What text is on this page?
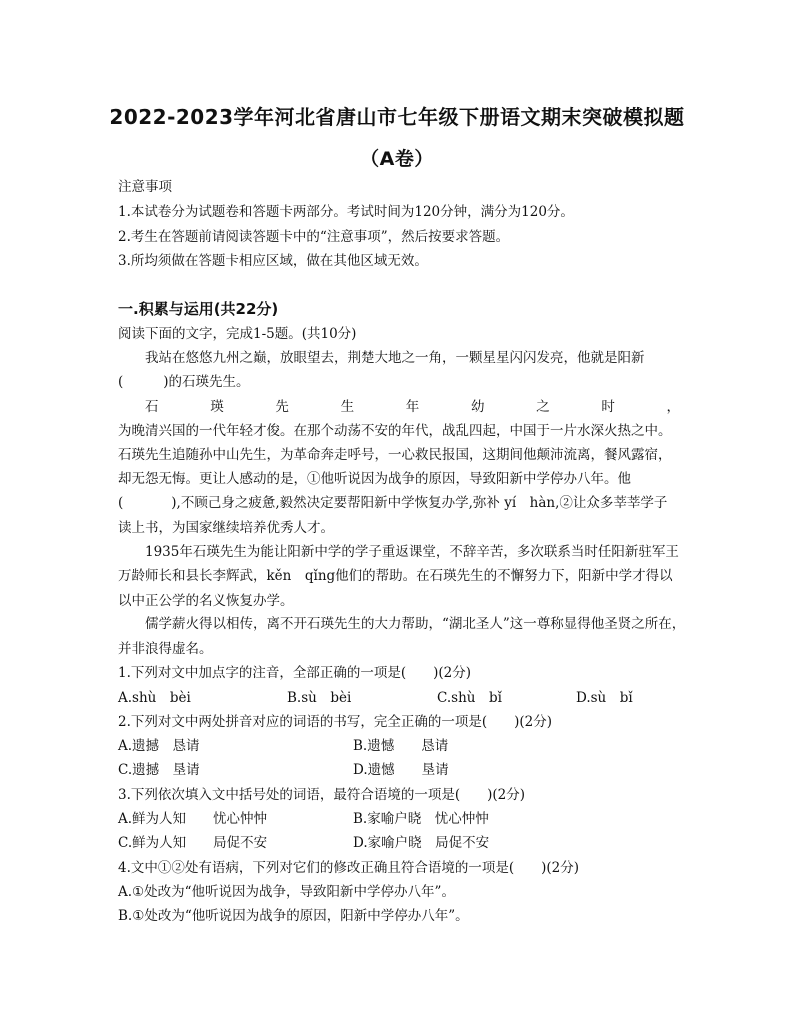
2022-2023学年河北省唐山市七年级下册语文期末突破模拟题
（A卷）
注意事项
1.本试卷分为试题卷和答题卡两部分。考试时间为120分钟，满分为120分。
2.考生在答题前请阅读答题卡中的“注意事项”，然后按要求答题。
3.所均须做在答题卡相应区域，做在其他区域无效。
一.积累与运用(共22分)
阅读下面的文字，完成1-5题。(共10分)
我站在悠悠九州之巅，放眼望去，荆楚大地之一角，一颗星星闪闪发亮，他就是阳新
(	)的石瑛先生。
石	瑛	先	生	年	幼	之	时	，
为晚清兴国的一代年轻才俊。在那个动荡不安的年代，战乱四起，中国于一片水深火热之中。
石瑛先生追随孙中山先生，为革命奔走呼号，一心救民报国，这期间他颠沛流离，餐风露宿，
却无怨无悔。更让人感动的是，①他听说因为战争的原因，导致阳新中学停办八年。他
(	),不顾己身之疲惫,毅然决定要帮阳新中学恢复办学,弥补 yí　hàn,②让众多莘莘学子
读上书，为国家继续培养优秀人才。
1935年石瑛先生为能让阳新中学的学子重返课堂，不辞辛苦，多次联系当时任阳新驻军王
万龄师长和县长李辉武，kěn　qǐng他们的帮助。在石瑛先生的不懈努力下，阳新中学才得以
以中正公学的名义恢复办学。
儒学薪火得以相传，离不开石瑛先生的大力帮助，“湖北圣人”这一尊称显得他圣贤之所在，
并非浪得虚名。
1.下列对文中加点字的注音，全部正确的一项是(　　)(2分)
A.shù　bèi	B.sù　bèi	C.shù　bǐ	D.sù　bǐ
2.下列对文中两处拼音对应的词语的书写，完全正确的一项是(　　)(2分)
A.遗撼　恳请	B.遗憾　　恳请
C.遗撼　垦请	D.遗憾　　垦请
3.下列依次填入文中括号处的词语，最符合语境的一项是(　　)(2分)
A.鲜为人知　　忧心忡忡	B.家喻户晓　忧心忡忡
C.鲜为人知　　局促不安	D.家喻户晓　局促不安
4.文中①②处有语病，下列对它们的修改正确且符合语境的一项是(　　)(2分)
A.①处改为“他听说因为战争，导致阳新中学停办八年”。
B.①处改为“他听说因为战争的原因，阳新中学停办八年”。
